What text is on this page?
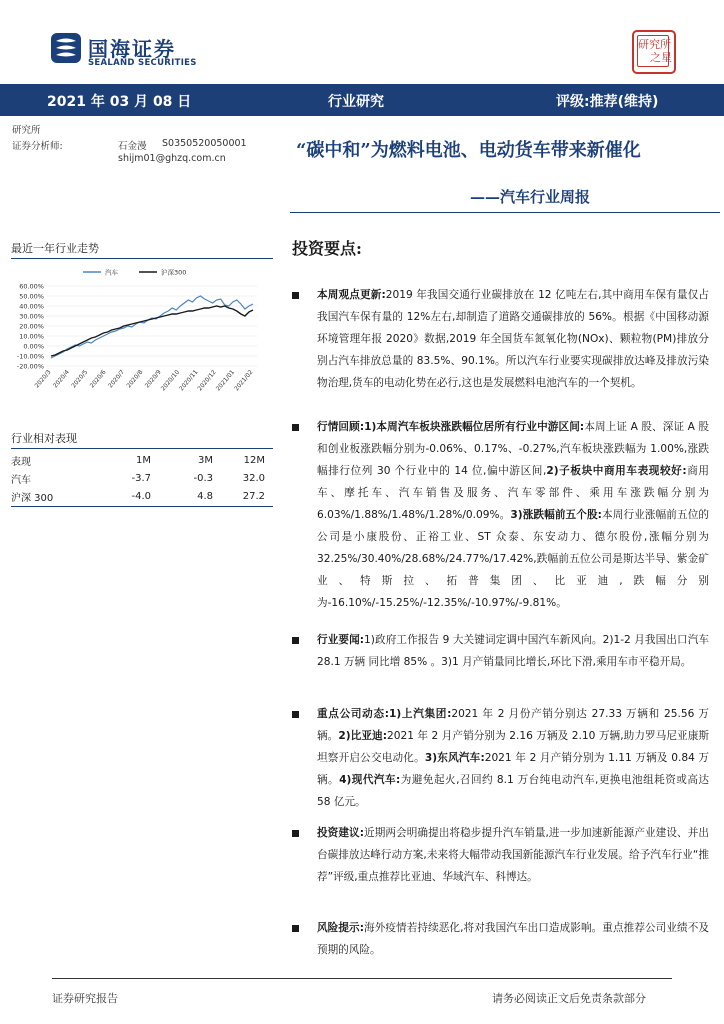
国海证券
SEALAND SECURITIES
研究所
之星
2021 年 03 月 08 日	行业研究	评级:推荐(维持)
研究所
证券分析师:	石金漫 S0350520050001
shijm01@ghzq.com.cn	“碳中和”为燃料电池、电动货车带来新催化
——汽车行业周报
最近一年行业走势
60.00%
50.00%
40.00%
30.00%
20.00%
10.00%
0.00%
-10.00%
-20.00%
2020/3 2020/4 2020/5 2020/6 2020/7 2020/8 2020/9
2020/10
2020/11
2020/12
2021/01
2021/02
汽车	沪深300
行业相对表现
表现	1M	3M	12M
汽车	-3.7	-0.3	32.0
沪深 300	-4.0	4.8	27.2
投资要点:
本周观点更新:2019 年我国交通行业碳排放在 12 亿吨左右,其中商用车保有量仅占我国汽车保有量的 12%左右,却制造了道路交通碳排放的 56%。根据《中国移动源环境管理年报 2020》数据,2019 年全国货车氮氧化物(NOx)、颗粒物(PM)排放分别占汽车排放总量的 83.5%、90.1%。所以汽车行业要实现碳排放达峰及排放污染物治理,货车的电动化势在必行,这也是发展燃料电池汽车的一个契机。
行情回顾:1)本周汽车板块涨跌幅位居所有行业中游区间:本周上证 A 股、深证 A 股和创业板涨跌幅分别为-0.06%、0.17%、-0.27%,汽车板块涨跌幅为 1.00%,涨跌幅排行位列 30 个行业中的 14 位,偏中游区间,2)子板块中商用车表现较好:商用车、摩托车、汽车销售及服务、汽车零部件、乘用车涨跌幅分别为 6.03%/1.88%/1.48%/1.28%/0.09%。3)涨跌幅前五个股:本周行业涨幅前五位的公司是小康股份、正裕工业、ST 众泰、东安动力、德尔股份,涨幅分别为 32.25%/30.40%/28.68%/24.77%/17.42%,跌幅前五位公司是斯达半导、紫金矿业、特斯拉、拓普集团、比亚迪,跌幅分别为-16.10%/-15.25%/-12.35%/-10.97%/-9.81%。
行业要闻:1)政府工作报告 9 大关键词定调中国汽车新风向。2)1-2 月我国出口汽车 28.1 万辆 同比增 85% 。3)1 月产销量同比增长,环比下滑,乘用车市平稳开局。
重点公司动态:1)上汽集团:2021 年 2 月份产销分别达 27.33 万辆和 25.56 万辆。2)比亚迪:2021 年 2 月产销分别为 2.16 万辆及 2.10 万辆,助力罗马尼亚康斯坦察开启公交电动化。3)东风汽车:2021 年 2 月产销分别为 1.11 万辆及 0.84 万辆。4)现代汽车:为避免起火,召回约 8.1 万台纯电动汽车,更换电池组耗资或高达 58 亿元。
投资建议:近期两会明确提出将稳步提升汽车销量,进一步加速新能源产业建设、并出台碳排放达峰行动方案,未来将大幅带动我国新能源汽车行业发展。给予汽车行业“推荐”评级,重点推荐比亚迪、华域汽车、科博达。
风险提示:海外疫情若持续恶化,将对我国汽车出口造成影响。重点推荐公司业绩不及预期的风险。
证券研究报告	请务必阅读正文后免责条款部分
